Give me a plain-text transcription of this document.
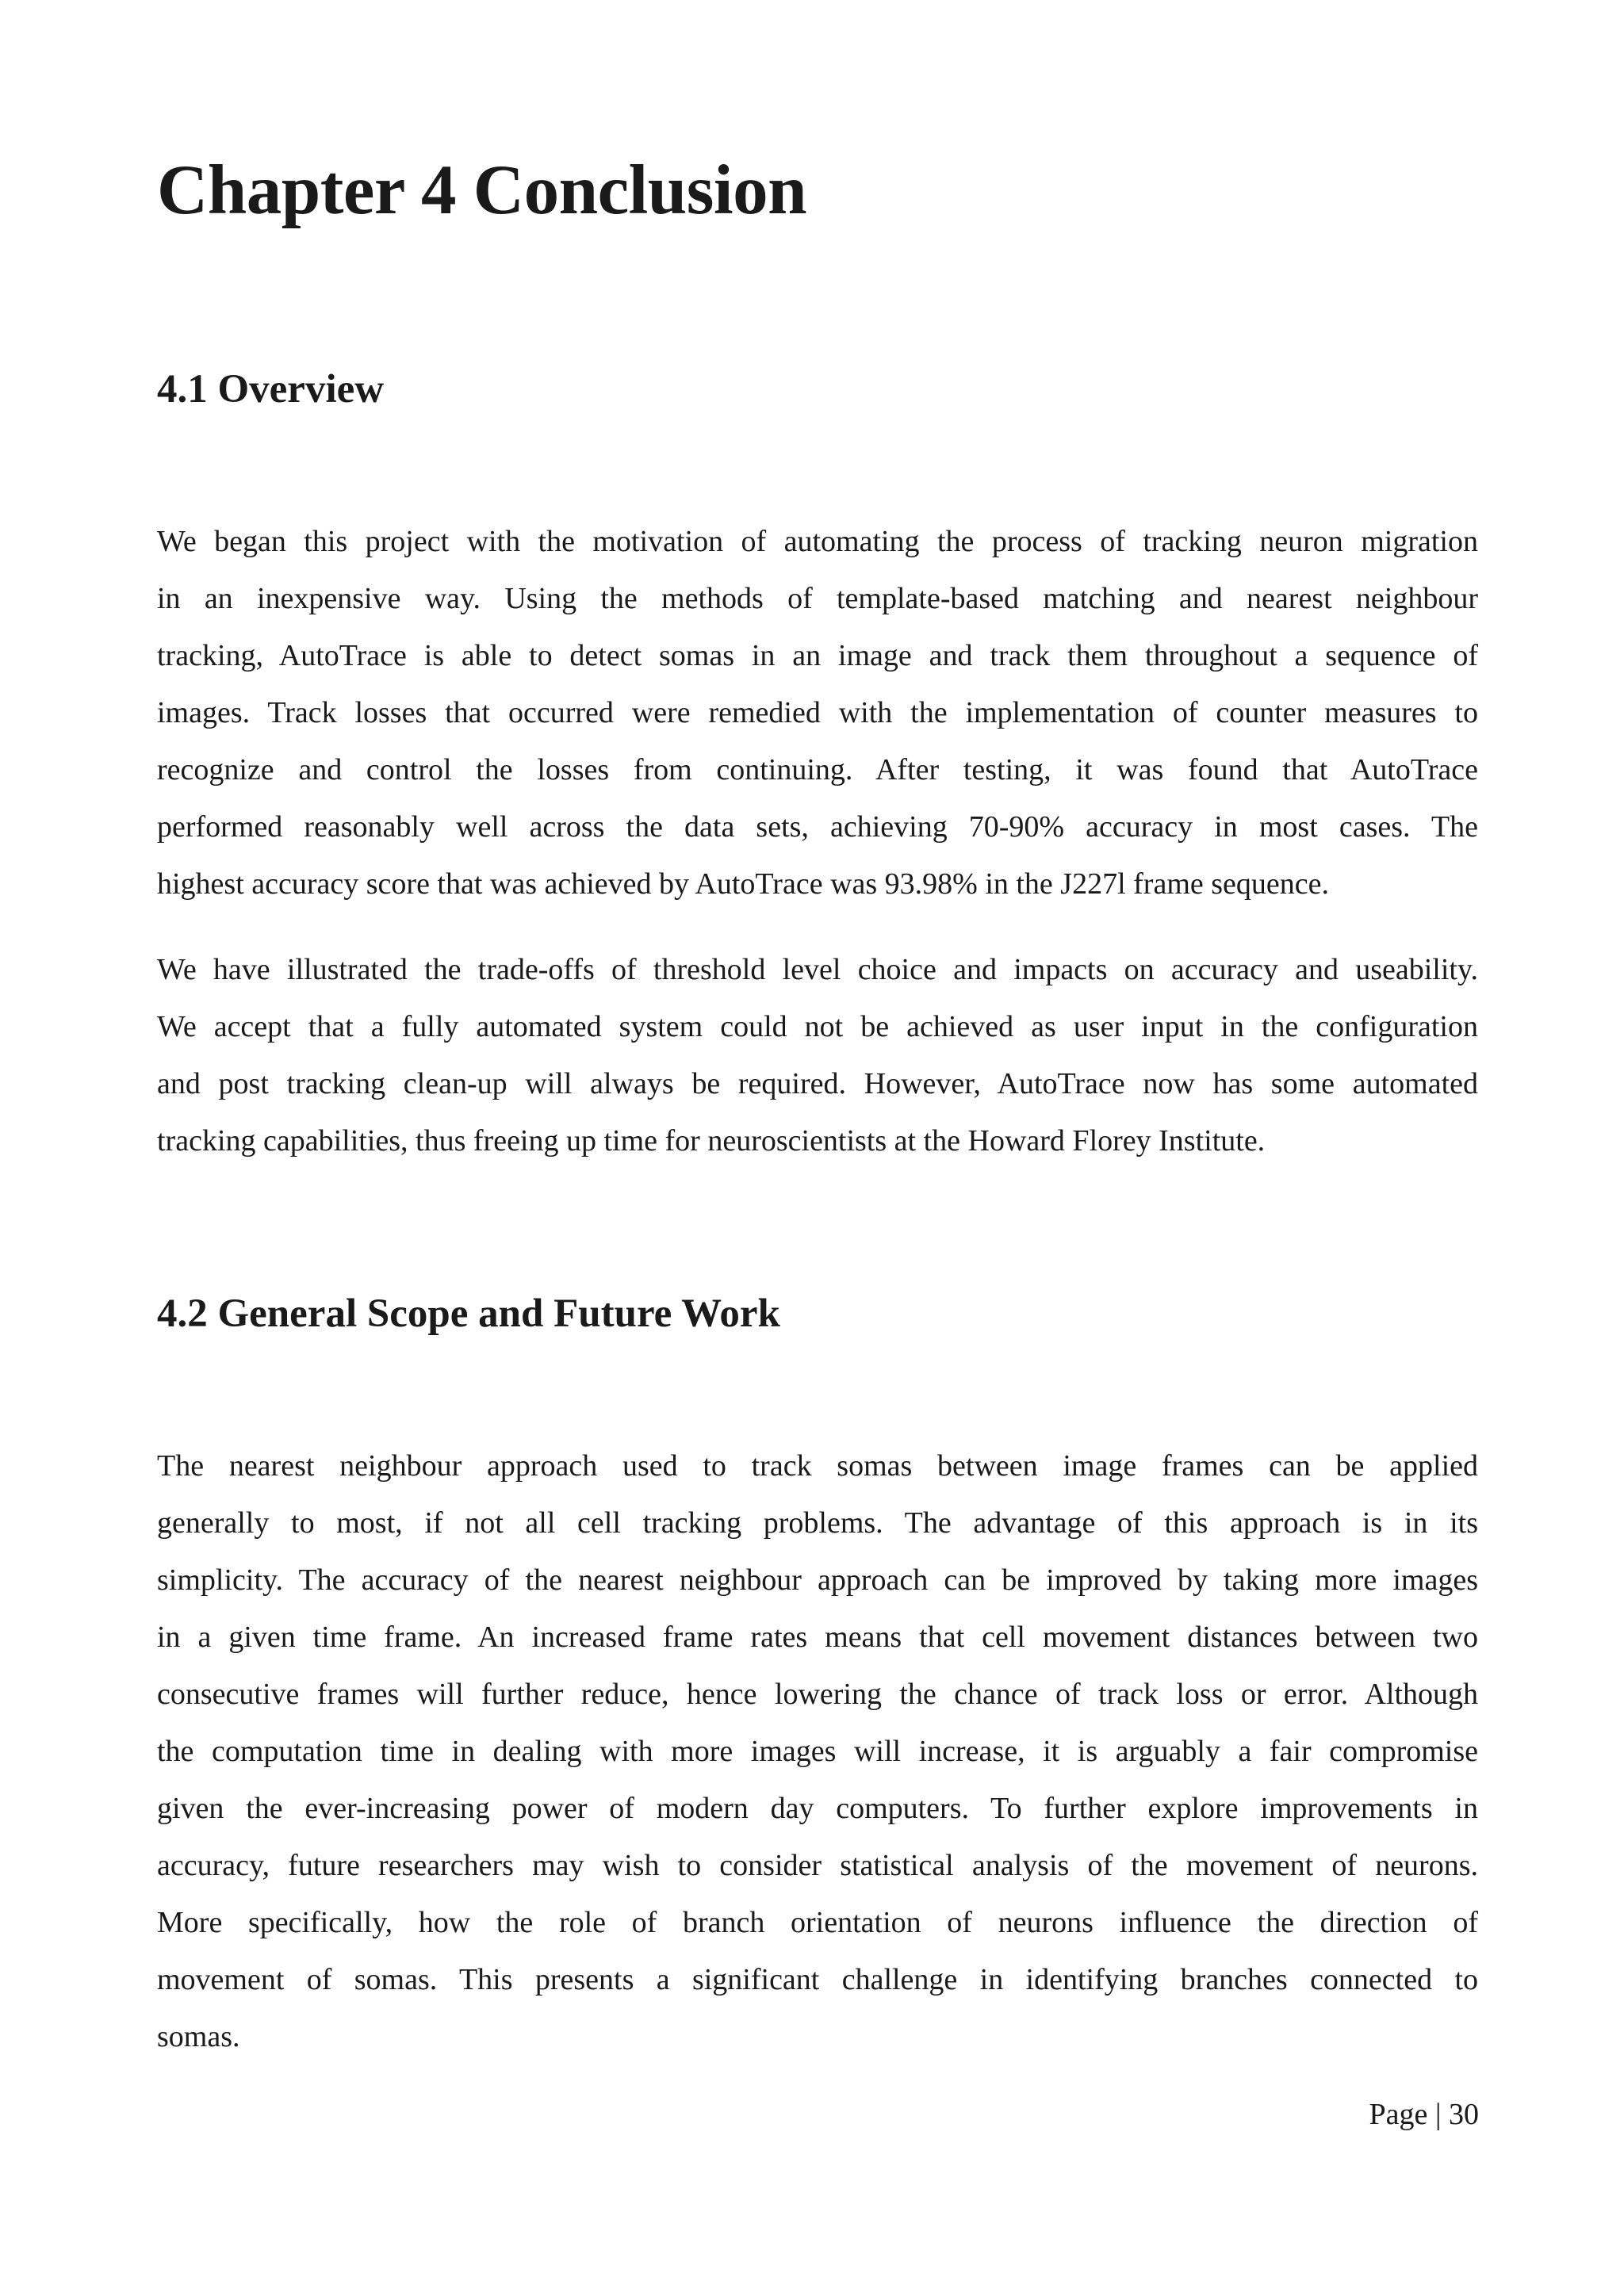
Chapter 4 Conclusion
4.1 Overview

We began this project with the motivation of automating the process of tracking neuron migration
in an inexpensive way. Using the methods of template-based matching and nearest neighbour
tracking, AutoTrace is able to detect somas in an image and track them throughout a sequence of
images. Track losses that occurred were remedied with the implementation of counter measures to
recognize and control the losses from continuing. After testing, it was found that AutoTrace
performed reasonably well across the data sets, achieving 70-90% accuracy in most cases. The
highest accuracy score that was achieved by AutoTrace was 93.98% in the J227l frame sequence.

We have illustrated the trade-offs of threshold level choice and impacts on accuracy and useability.
We accept that a fully automated system could not be achieved as user input in the configuration
and post tracking clean-up will always be required. However, AutoTrace now has some automated
tracking capabilities, thus freeing up time for neuroscientists at the Howard Florey Institute.

4.2 General Scope and Future Work

The nearest neighbour approach used to track somas between image frames can be applied
generally to most, if not all cell tracking problems. The advantage of this approach is in its
simplicity. The accuracy of the nearest neighbour approach can be improved by taking more images
in a given time frame. An increased frame rates means that cell movement distances between two
consecutive frames will further reduce, hence lowering the chance of track loss or error. Although
the computation time in dealing with more images will increase, it is arguably a fair compromise
given the ever-increasing power of modern day computers. To further explore improvements in
accuracy, future researchers may wish to consider statistical analysis of the movement of neurons.
More specifically, how the role of branch orientation of neurons influence the direction of
movement of somas. This presents a significant challenge in identifying branches connected to
somas.

Page | 30
